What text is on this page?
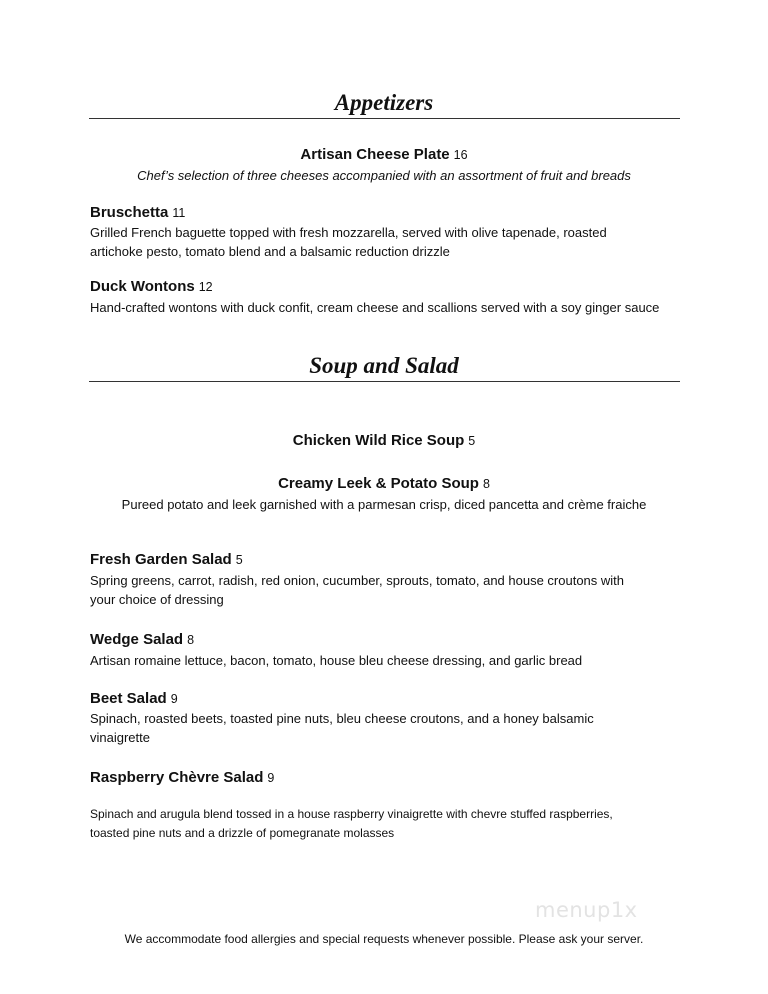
Appetizers
Artisan Cheese Plate 16
Chef’s selection of three cheeses accompanied with an assortment of fruit and breads
Bruschetta 11
Grilled French baguette topped with fresh mozzarella, served with olive tapenade, roasted artichoke pesto, tomato blend and a balsamic reduction drizzle
Duck Wontons 12
Hand-crafted wontons with duck confit, cream cheese and scallions served with a soy ginger sauce
Soup and Salad
Chicken Wild Rice Soup 5
Creamy Leek & Potato Soup 8
Pureed potato and leek garnished with a parmesan crisp, diced pancetta and crème fraiche
Fresh Garden Salad 5
Spring greens, carrot, radish, red onion, cucumber, sprouts, tomato, and house croutons with your choice of dressing
Wedge Salad 8
Artisan romaine lettuce, bacon, tomato, house bleu cheese dressing, and garlic bread
Beet Salad 9
Spinach, roasted beets, toasted pine nuts, bleu cheese croutons, and a honey balsamic vinaigrette
Raspberry Chèvre Salad 9
Spinach and arugula blend tossed in a house raspberry vinaigrette with chevre stuffed raspberries, toasted pine nuts and a drizzle of pomegranate molasses
menup1x
We accommodate food allergies and special requests whenever possible. Please ask your server.
